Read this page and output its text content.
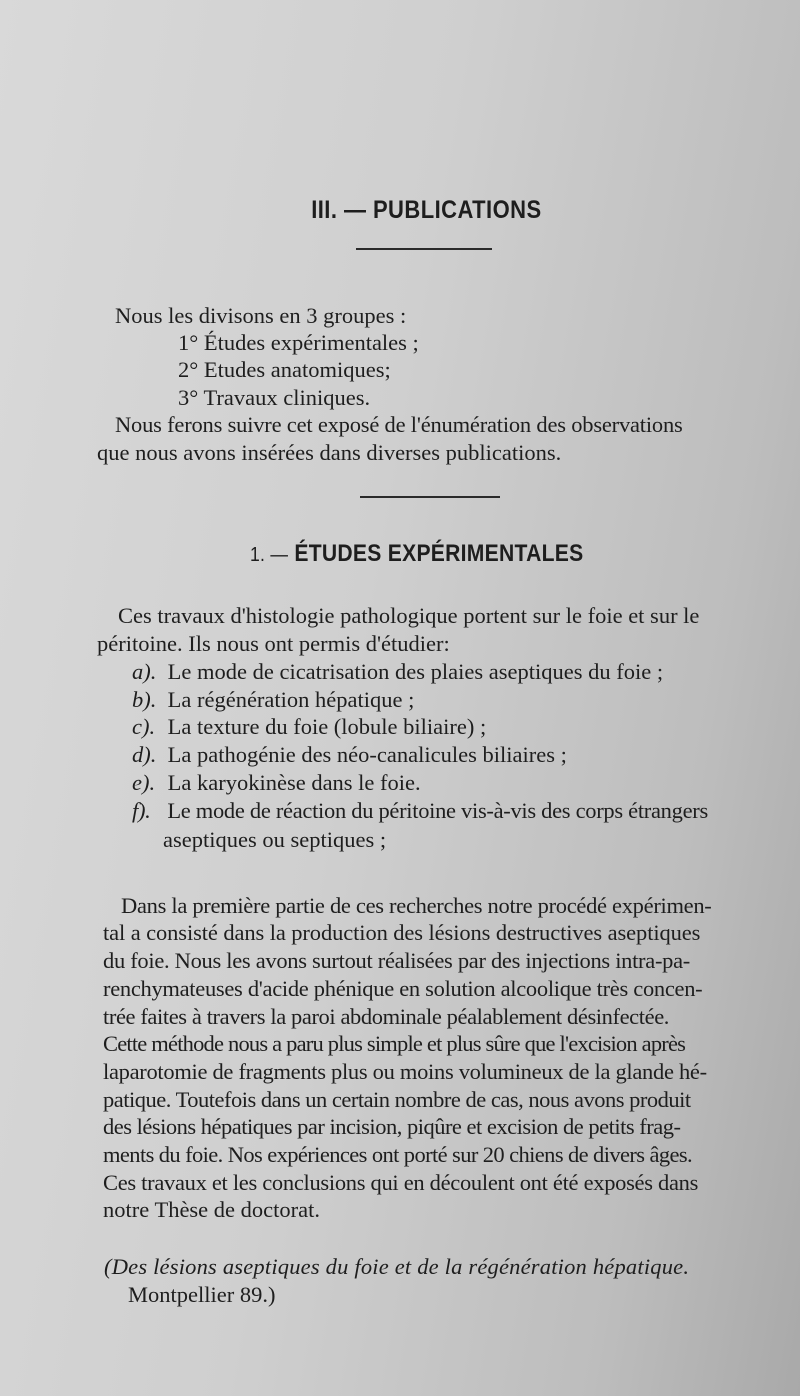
III. — PUBLICATIONS
Nous les divisons en 3 groupes :
1° Études expérimentales ;
2° Etudes anatomiques;
3° Travaux cliniques.
Nous ferons suivre cet exposé de l'énumération des observations
que nous avons insérées dans diverses publications.
1. — ÉTUDES EXPÉRIMENTALES
Ces travaux d'histologie pathologique portent sur le foie et sur le
péritoine. Ils nous ont permis d'étudier:
a). Le mode de cicatrisation des plaies aseptiques du foie ;
b). La régénération hépatique ;
c). La texture du foie (lobule biliaire) ;
d). La pathogénie des néo-canalicules biliaires ;
e). La karyokinèse dans le foie.
f). Le mode de réaction du péritoine vis-à-vis des corps étrangers
aseptiques ou septiques ;
Dans la première partie de ces recherches notre procédé expérimen-
tal a consisté dans la production des lésions destructives aseptiques
du foie. Nous les avons surtout réalisées par des injections intra-pa-
renchymateuses d'acide phénique en solution alcoolique très concen-
trée faites à travers la paroi abdominale péalablement désinfectée.
Cette méthode nous a paru plus simple et plus sûre que l'excision après
laparotomie de fragments plus ou moins volumineux de la glande hé-
patique. Toutefois dans un certain nombre de cas, nous avons produit
des lésions hépatiques par incision, piqûre et excision de petits frag-
ments du foie. Nos expériences ont porté sur 20 chiens de divers âges.
Ces travaux et les conclusions qui en découlent ont été exposés dans
notre Thèse de doctorat.
(Des lésions aseptiques du foie et de la régénération hépatique.
Montpellier 89.)
